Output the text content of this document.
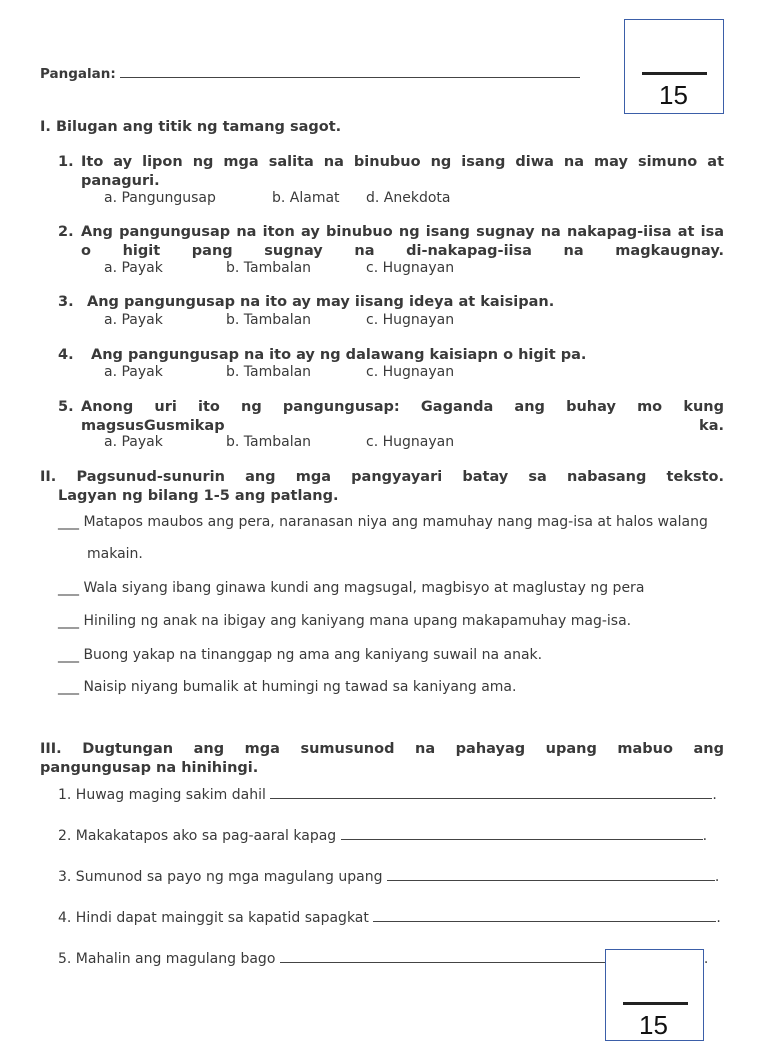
Pangalan:
15
I. Bilugan ang titik ng tamang sagot.
1. Ito ay lipon ng mga salita na binubuo ng isang diwa na may simuno at panaguri.
a. Pangungusap	b. Alamat d. Anekdota
2. Ang pangungusap na iton ay binubuo ng isang sugnay na nakapag-iisa at isa o higit pang sugnay na di-nakapag-iisa na magkaugnay.
a. Payak	b. Tambalan	c. Hugnayan
3. Ang pangungusap na ito ay may iisang ideya at kaisipan.
a. Payak	b. Tambalan	c. Hugnayan
4. Ang pangungusap na ito ay ng dalawang kaisiapn o higit pa.
a. Payak	b. Tambalan	c. Hugnayan
5. Anong uri ito ng pangungusap: Gaganda ang buhay mo kung magsusGusmikap ka.
a. Payak	b. Tambalan	c. Hugnayan
II. Pagsunud-sunurin ang mga pangyayari batay sa nabasang teksto.
Lagyan ng bilang 1-5 ang patlang.
___ Matapos maubos ang pera, naranasan niya ang mamuhay nang mag-isa at halos walang
makain.
___ Wala siyang ibang ginawa kundi ang magsugal, magbisyo at maglustay ng pera
___ Hiniling ng anak na ibigay ang kaniyang mana upang makapamuhay mag-isa.
___ Buong yakap na tinanggap ng ama ang kaniyang suwail na anak.
___ Naisip niyang bumalik at humingi ng tawad sa kaniyang ama.
III. Dugtungan ang mga sumusunod na pahayag upang mabuo ang
pangungusap na hinihingi.
1. Huwag maging sakim dahil	.
2. Makakatapos ako sa pag-aaral kapag	.
3. Sumunod sa payo ng mga magulang upang	.
4. Hindi dapat mainggit sa kapatid sapagkat	.
5. Mahalin ang magulang bago	.
15
